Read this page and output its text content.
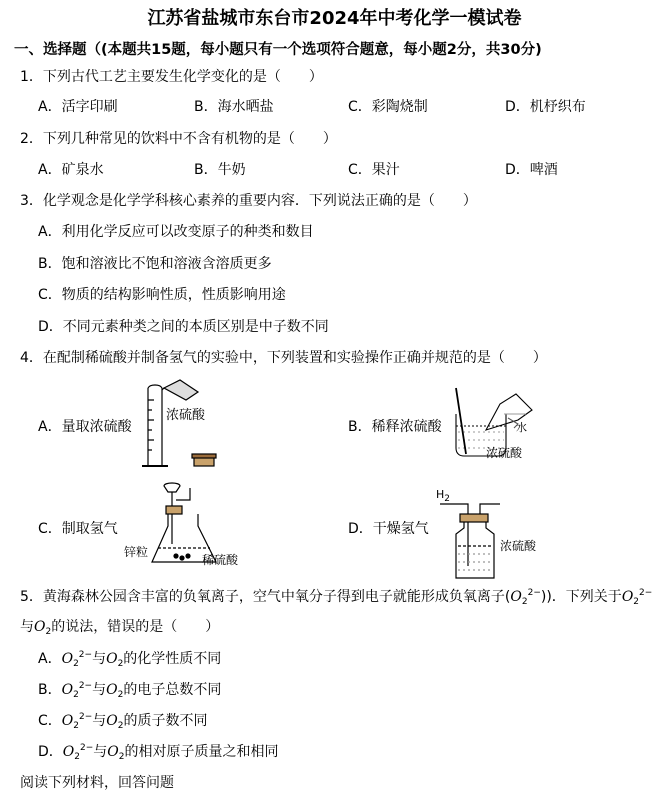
江苏省盐城市东台市2024年中考化学一模试卷
一、选择题（(本题共15题，每小题只有一个选项符合题意，每小题2分，共30分)
1．下列古代工艺主要发生化学变化的是（　　）
A．活字印刷	B．海水晒盐	C．彩陶烧制	D．机杼织布
2．下列几种常见的饮料中不含有机物的是（　　）
A．矿泉水	B．牛奶	C．果汁	D．啤酒
3．化学观念是化学学科核心素养的重要内容．下列说法正确的是（　　）
A．利用化学反应可以改变原子的种类和数目
B．饱和溶液比不饱和溶液含溶质更多
C．物质的结构影响性质，性质影响用途
D．不同元素种类之间的本质区别是中子数不同
4．在配制稀硫酸并制备氢气的实验中，下列装置和实验操作正确并规范的是（　　）
A．量取浓硫酸	B．稀释浓硫酸
C．制取氢气	D．干燥氢气
浓硫酸
水
浓硫酸
锌粒
稀硫酸
$H_2$
浓硫酸
5．黄海森林公园含丰富的负氧离子，空气中氧分子得到电子就能形成负氧离子$(O_2^{2-})$)．下列关于$O_2^{2-}$
与$O_2$的说法，错误的是（　　）
A．$O_2^{2-}$与$O_2$的化学性质不同
B．$O_2^{2-}$与$O_2$的电子总数不同
C．$O_2^{2-}$与$O_2$的质子数不同
D．$O_2^{2-}$与$O_2$的相对原子质量之和相同
阅读下列材料，回答问题
